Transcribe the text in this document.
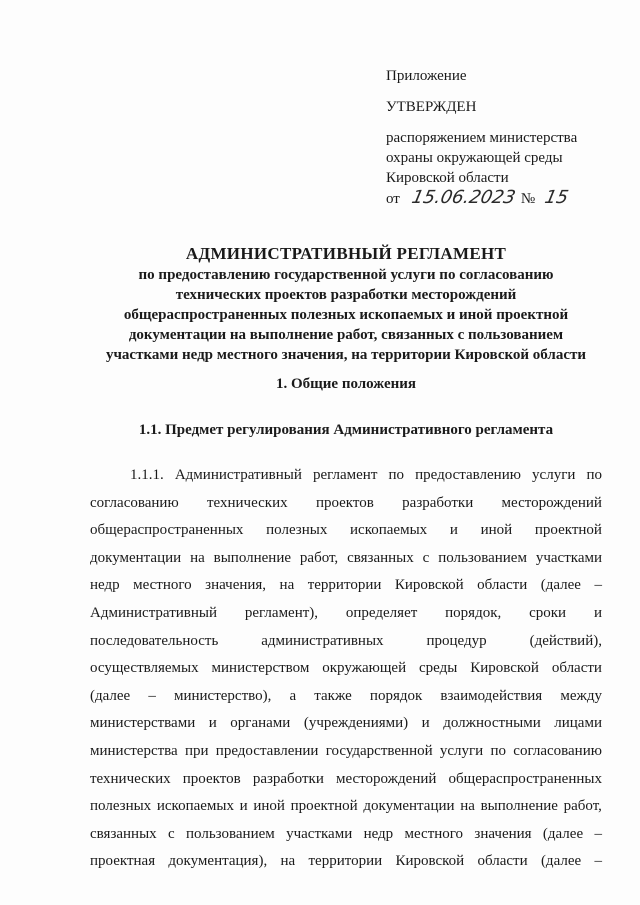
Приложение
УТВЕРЖДЕН
распоряжением министерства
охраны окружающей среды
Кировской области
от 15.06.2023 № 15
АДМИНИСТРАТИВНЫЙ РЕГЛАМЕНТ
по предоставлению государственной услуги по согласованию
технических проектов разработки месторождений
общераспространенных полезных ископаемых и иной проектной
документации на выполнение работ, связанных с пользованием
участками недр местного значения, на территории Кировской области
1. Общие положения
1.1. Предмет регулирования Административного регламента
1.1.1. Административный регламент по предоставлению услуги по
согласованию технических проектов разработки месторождений
общераспространенных полезных ископаемых и иной проектной
документации на выполнение работ, связанных с пользованием участками
недр местного значения, на территории Кировской области (далее –
Административный регламент), определяет порядок, сроки и
последовательность	административных	процедур	(действий),
осуществляемых министерством окружающей среды Кировской области
(далее – министерство), а также порядок взаимодействия между
министерствами и органами (учреждениями) и должностными лицами
министерства при предоставлении государственной услуги по согласованию
технических проектов разработки месторождений общераспространенных
полезных ископаемых и иной проектной документации на выполнение работ,
связанных с пользованием участками недр местного значения (далее –
проектная документация), на территории Кировской области (далее –
